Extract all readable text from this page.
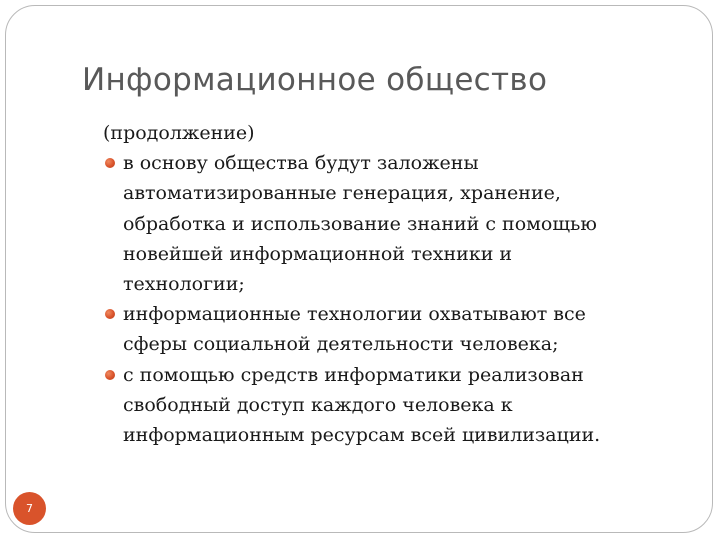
Информационное общество
(продолжение)
в основу общества будут заложены
автоматизированные генерация, хранение,
обработка и использование знаний с помощью
новейшей информационной техники и
технологии;
информационные технологии охватывают все
сферы социальной деятельности человека;
с помощью средств информатики реализован
свободный доступ каждого человека к
информационным ресурсам всей цивилизации.
7
